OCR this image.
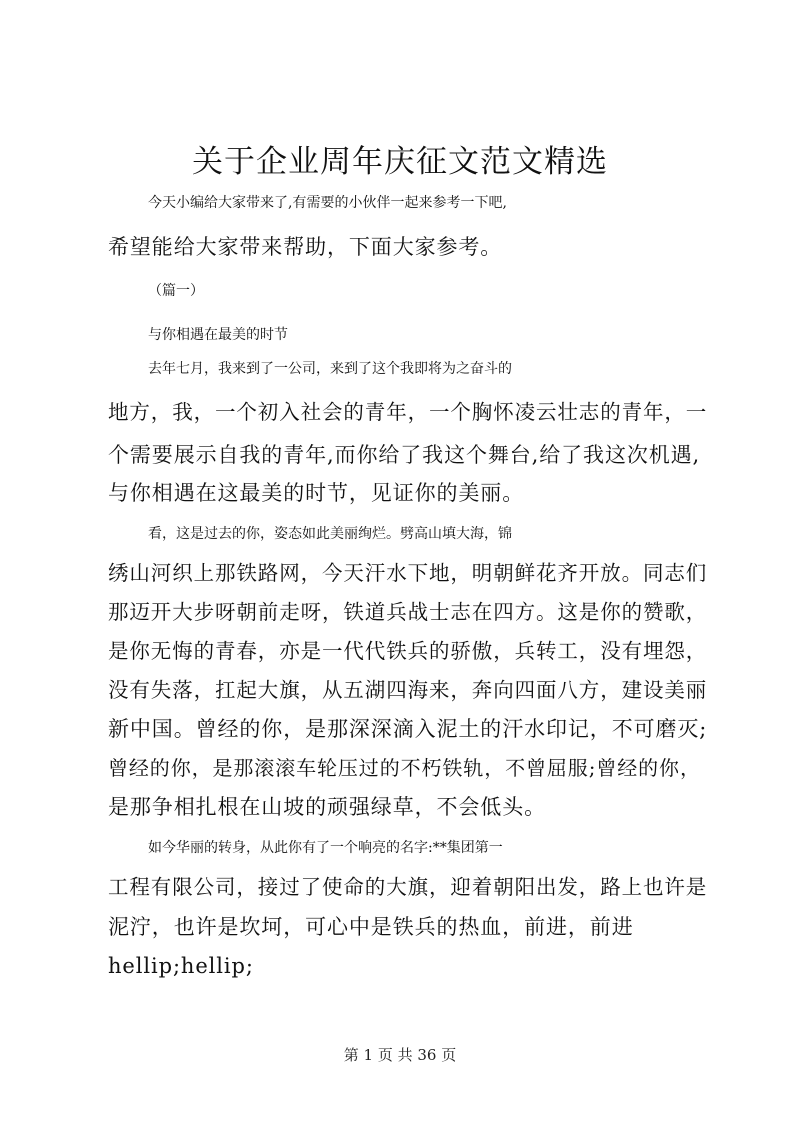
关于企业周年庆征文范文精选
今天小编给大家带来了,有需要的小伙伴一起来参考一下吧,
希望能给大家带来帮助，下面大家参考。
（篇一）
与你相遇在最美的时节
去年七月，我来到了一公司，来到了这个我即将为之奋斗的
地方，我，一个初入社会的青年，一个胸怀凌云壮志的青年，一
个需要展示自我的青年,而你给了我这个舞台,给了我这次机遇,
与你相遇在这最美的时节，见证你的美丽。
看，这是过去的你，姿态如此美丽绚烂。劈高山填大海，锦
绣山河织上那铁路网，今天汗水下地，明朝鲜花齐开放。同志们
那迈开大步呀朝前走呀，铁道兵战士志在四方。这是你的赞歌，
是你无悔的青春，亦是一代代铁兵的骄傲，兵转工，没有埋怨，
没有失落，扛起大旗，从五湖四海来，奔向四面八方，建设美丽
新中国。曾经的你，是那深深滴入泥土的汗水印记，不可磨灭;
曾经的你，是那滚滚车轮压过的不朽铁轨，不曾屈服;曾经的你，
是那争相扎根在山坡的顽强绿草，不会低头。
如今华丽的转身，从此你有了一个响亮的名字:**集团第一
工程有限公司，接过了使命的大旗，迎着朝阳出发，路上也许是
泥泞，也许是坎坷，可心中是铁兵的热血，前进，前进
hellip;hellip;
第 1 页 共 36 页
